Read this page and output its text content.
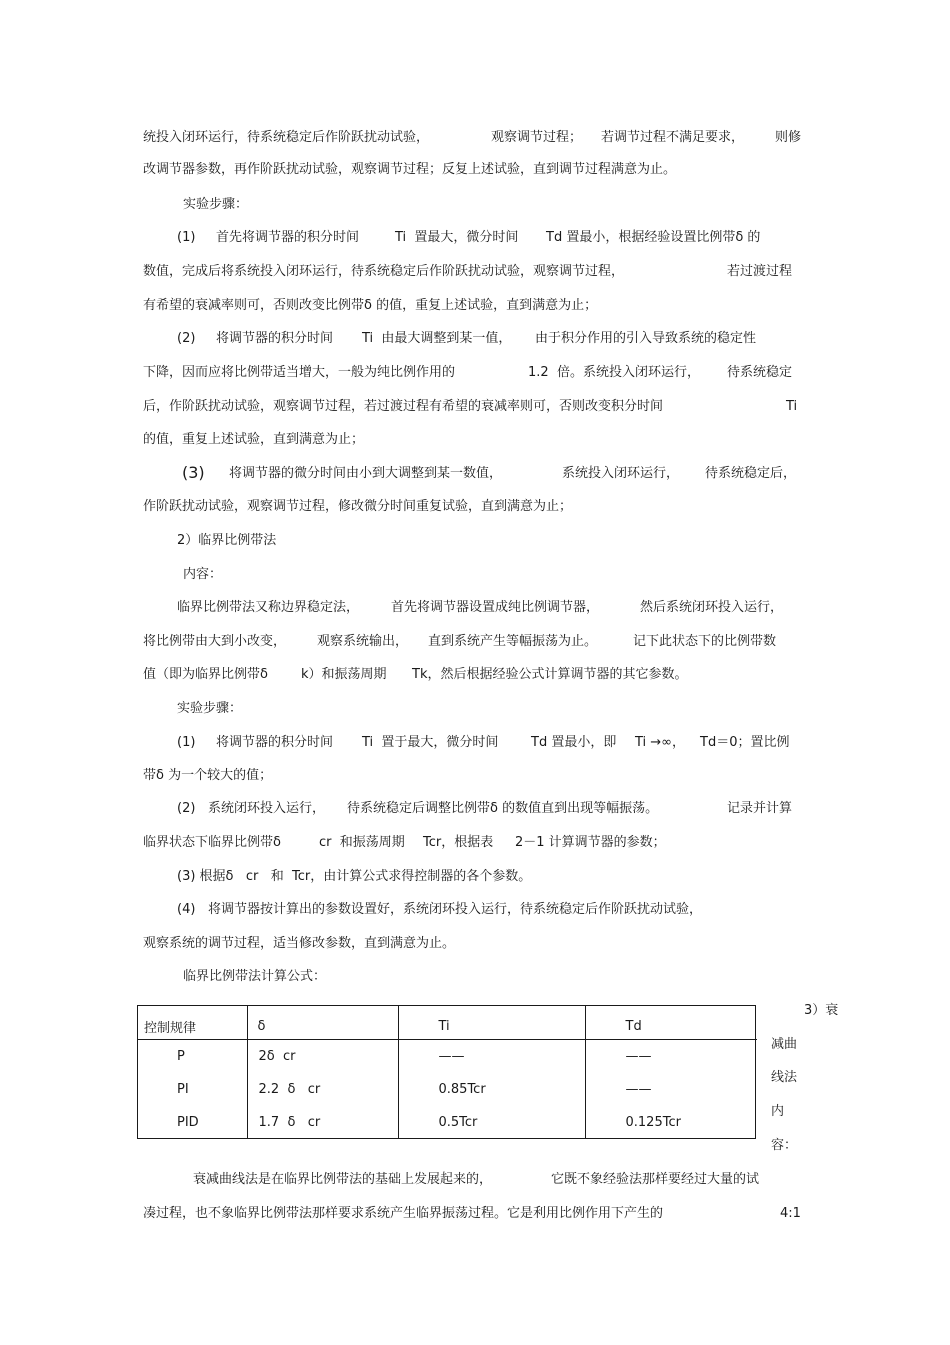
统投入闭环运行，待系统稳定后作阶跃扰动试验，	观察调节过程； 若调节过程不满足要求， 则修
改调节器参数，再作阶跃扰动试验，观察调节过程；反复上述试验，直到调节过程满意为止。
实验步骤：
(1) 首先将调节器的积分时间	Ti  置最大，微分时间 Td 置最小，根据经验设置比例带δ 的
数值，完成后将系统投入闭环运行，待系统稳定后作阶跃扰动试验，观察调节过程，	若过渡过程
有希望的衰减率则可，否则改变比例带δ 的值，重复上述试验，直到满意为止；
(2) 将调节器的积分时间 Ti  由最大调整到某一值， 由于积分作用的引入导致系统的稳定性
下降，因而应将比例带适当增大，一般为纯比例作用的	1.2  倍。系统投入闭环运行， 待系统稳定
后，作阶跃扰动试验，观察调节过程，若过渡过程有希望的衰减率则可，否则改变积分时间	Ti
的值，重复上述试验，直到满意为止；
(3) 将调节器的微分时间由小到大调整到某一数值，	系统投入闭环运行， 待系统稳定后，
作阶跃扰动试验，观察调节过程，修改微分时间重复试验，直到满意为止；
2）临界比例带法
内容：
临界比例带法又称边界稳定法， 首先将调节器设置成纯比例调节器，	然后系统闭环投入运行，
将比例带由大到小改变， 观察系统输出， 直到系统产生等幅振荡为止。	记下此状态下的比例带数
值（即为临界比例带δ	k）和振荡周期 Tk，然后根据经验公式计算调节器的其它参数。
实验步骤：
(1) 将调节器的积分时间 Ti  置于最大，微分时间	Td 置最小，即 Ti →∞， Td＝0；置比例
带δ 为一个较大的值；
(2) 系统闭环投入运行， 待系统稳定后调整比例带δ 的数值直到出现等幅振荡。	记录并计算
临界状态下临界比例带δ	cr  和振荡周期 Tcr，根据表 2－1 计算调节器的参数；
(3) 根据δ   cr   和  Tcr，由计算公式求得控制器的各个参数。
(4) 将调节器按计算出的参数设置好，系统闭环投入运行，待系统稳定后作阶跃扰动试验，
观察系统的调节过程，适当修改参数，直到满意为止。
临界比例带法计算公式：
控制规律	δ	Ti	Td
P	2δ  cr	——	——
PI	2.2  δ   cr	0.85Tcr	——
PID	1.7  δ   cr	0.5Tcr	0.125Tcr
3）衰
减曲
线法
内
容：
衰减曲线法是在临界比例带法的基础上发展起来的，	它既不象经验法那样要经过大量的试
凑过程，也不象临界比例带法那样要求系统产生临界振荡过程。它是利用比例作用下产生的	4:1
